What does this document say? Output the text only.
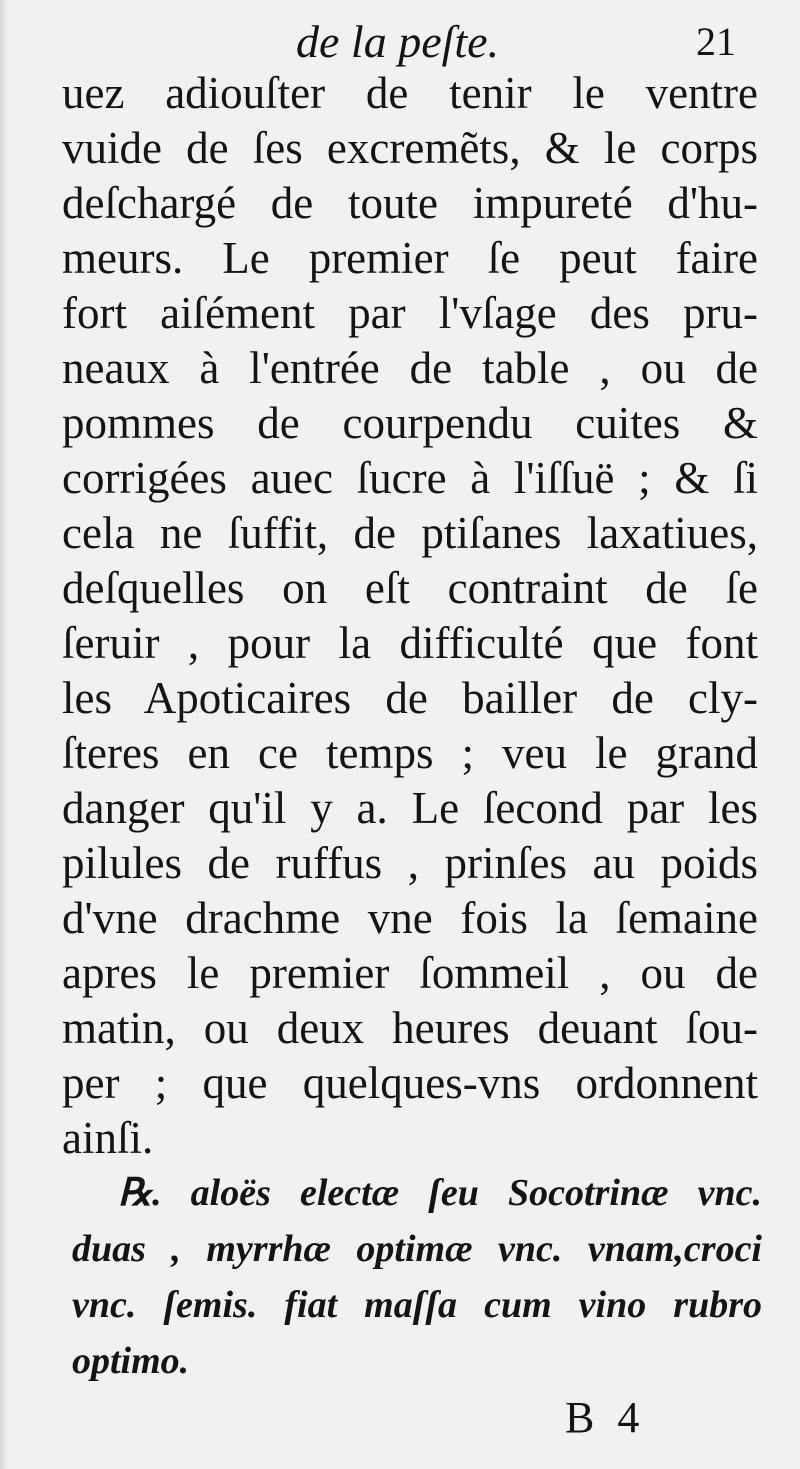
de la peſte.	21
uez adiouſter de tenir le ventre
vuide de ſes excremẽts, & le corps
deſchargé de toute impureté d'hu-
meurs. Le premier ſe peut faire
fort aiſément par l'vſage des pru-
neaux à l'entrée de table , ou de
pommes de courpendu cuites &
corrigées auec ſucre à l'iſſuë ; & ſi
cela ne ſuffit, de ptiſanes laxatiues,
deſquelles on eſt contraint de ſe
ſeruir , pour la difficulté que font
les Apoticaires de bailler de cly-
ſteres en ce temps ; veu le grand
danger qu'il y a. Le ſecond par les
pilules de ruffus , prinſes au poids
d'vne drachme vne fois la ſemaine
apres le premier ſommeil , ou de
matin, ou deux heures deuant ſou-
per ; que quelques-vns ordonnent
ainſi.
℞. aloës electæ ſeu Socotrinæ vnc.
duas , myrrhæ optimæ vnc. vnam,croci
vnc. ſemis. fiat maſſa cum vino rubro
optimo.
B 4
